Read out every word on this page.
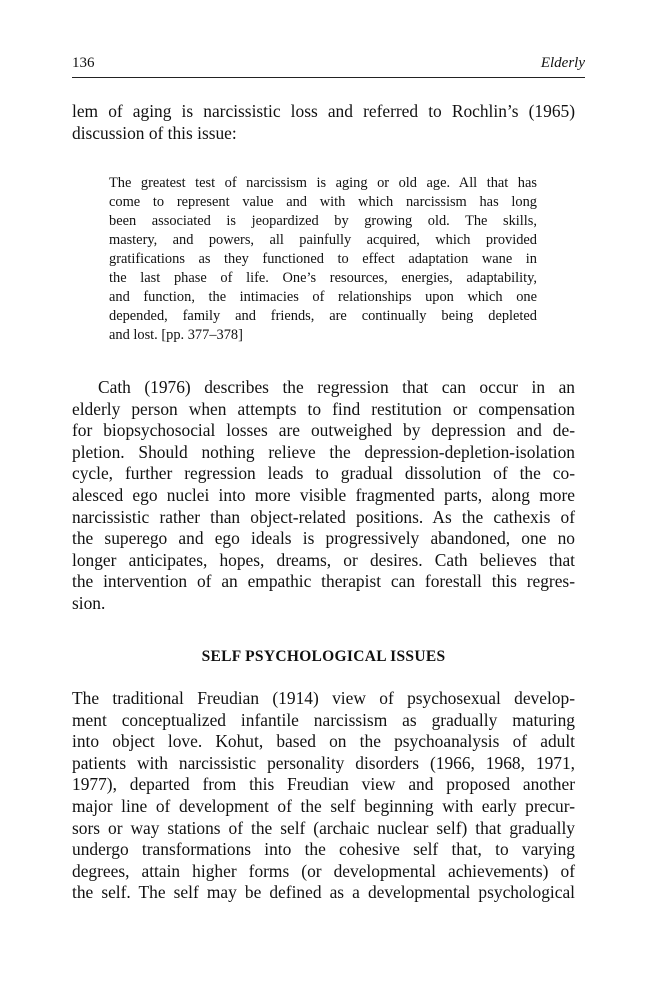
136	Elderly
lem of aging is narcissistic loss and referred to Rochlin’s (1965)
discussion of this issue:
The greatest test of narcissism is aging or old age. All that has
come to represent value and with which narcissism has long
been associated is jeopardized by growing old. The skills,
mastery, and powers, all painfully acquired, which provided
gratifications as they functioned to effect adaptation wane in
the last phase of life. One’s resources, energies, adaptability,
and function, the intimacies of relationships upon which one
depended, family and friends, are continually being depleted
and lost. [pp. 377–378]
Cath (1976) describes the regression that can occur in an
elderly person when attempts to find restitution or compensation
for biopsychosocial losses are outweighed by depression and de-
pletion. Should nothing relieve the depression-depletion-isolation
cycle, further regression leads to gradual dissolution of the co-
alesced ego nuclei into more visible fragmented parts, along more
narcissistic rather than object-related positions. As the cathexis of
the superego and ego ideals is progressively abandoned, one no
longer anticipates, hopes, dreams, or desires. Cath believes that
the intervention of an empathic therapist can forestall this regres-
sion.
SELF PSYCHOLOGICAL ISSUES
The traditional Freudian (1914) view of psychosexual develop-
ment conceptualized infantile narcissism as gradually maturing
into object love. Kohut, based on the psychoanalysis of adult
patients with narcissistic personality disorders (1966, 1968, 1971,
1977), departed from this Freudian view and proposed another
major line of development of the self beginning with early precur-
sors or way stations of the self (archaic nuclear self) that gradually
undergo transformations into the cohesive self that, to varying
degrees, attain higher forms (or developmental achievements) of
the self. The self may be defined as a developmental psychological
